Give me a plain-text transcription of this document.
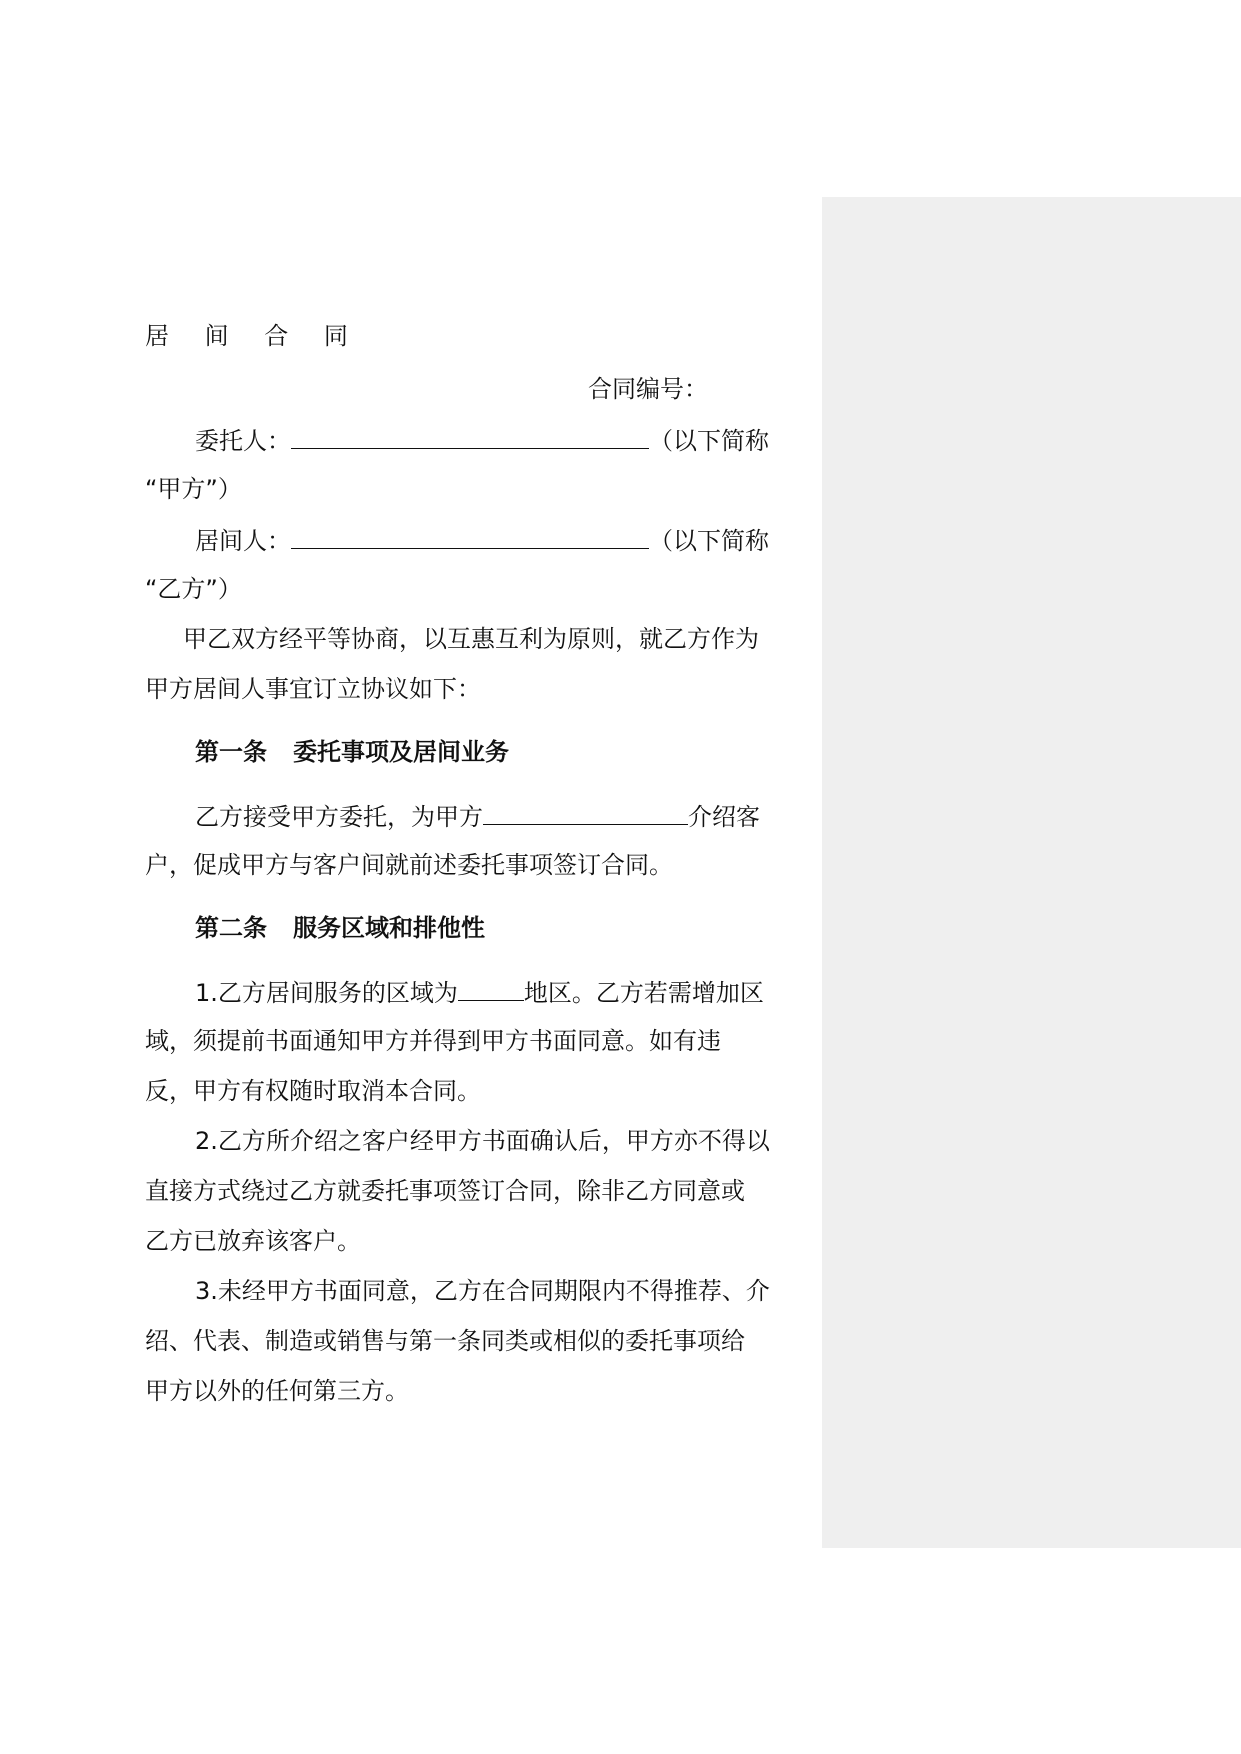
居 间 合 同
合同编号：
委托人：	（以下简称
“甲方”）
居间人：	（以下简称
“乙方”）
甲乙双方经平等协商，以互惠互利为原则，就乙方作为
甲方居间人事宜订立协议如下：
第一条 委托事项及居间业务
乙方接受甲方委托，为甲方	介绍客
户，促成甲方与客户间就前述委托事项签订合同。
第二条 服务区域和排他性
1.乙方居间服务的区域为	地区。乙方若需增加区
域，须提前书面通知甲方并得到甲方书面同意。如有违
反，甲方有权随时取消本合同。
2.乙方所介绍之客户经甲方书面确认后，甲方亦不得以
直接方式绕过乙方就委托事项签订合同，除非乙方同意或
乙方已放弃该客户。
3.未经甲方书面同意，乙方在合同期限内不得推荐、介
绍、代表、制造或销售与第一条同类或相似的委托事项给
甲方以外的任何第三方。
